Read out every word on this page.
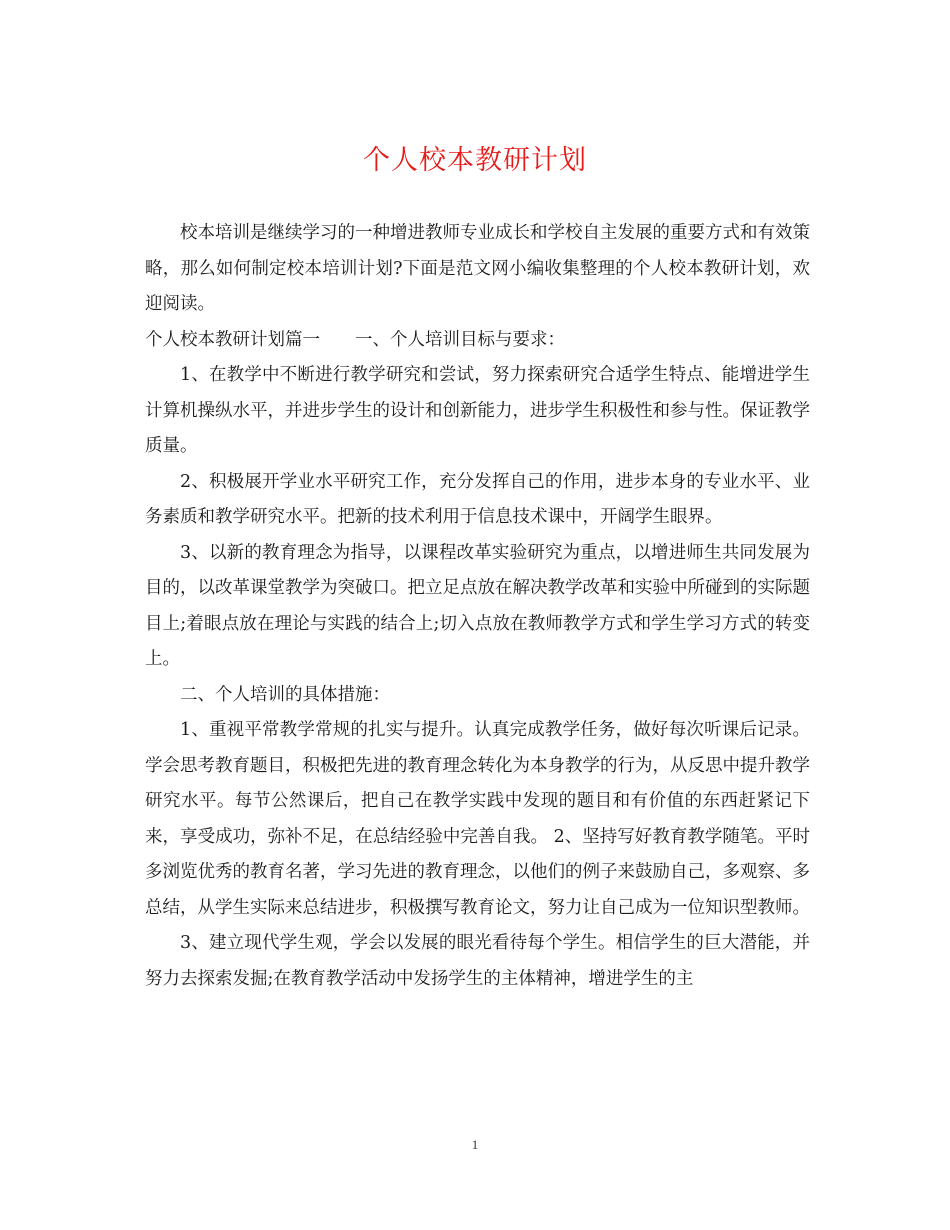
个人校本教研计划

校本培训是继续学习的一种增进教师专业成长和学校自主发展的重要方式和有效策略，那么如何制定校本培训计划?下面是范文网小编收集整理的个人校本教研计划，欢迎阅读。

个人校本教研计划篇一　　一、个人培训目标与要求：

1、在教学中不断进行教学研究和尝试，努力探索研究合适学生特点、能增进学生计算机操纵水平，并进步学生的设计和创新能力，进步学生积极性和参与性。保证教学质量。

2、积极展开学业水平研究工作，充分发挥自己的作用，进步本身的专业水平、业务素质和教学研究水平。把新的技术利用于信息技术课中，开阔学生眼界。

3、以新的教育理念为指导，以课程改革实验研究为重点，以增进师生共同发展为目的，以改革课堂教学为突破口。把立足点放在解决教学改革和实验中所碰到的实际题目上;着眼点放在理论与实践的结合上;切入点放在教师教学方式和学生学习方式的转变上。

二、个人培训的具体措施：

1、重视平常教学常规的扎实与提升。认真完成教学任务，做好每次听课后记录。学会思考教育题目，积极把先进的教育理念转化为本身教学的行为，从反思中提升教学研究水平。每节公然课后，把自己在教学实践中发现的题目和有价值的东西赶紧记下来，享受成功，弥补不足，在总结经验中完善自我。 2、坚持写好教育教学随笔。平时多浏览优秀的教育名著，学习先进的教育理念，以他们的例子来鼓励自己，多观察、多总结，从学生实际来总结进步，积极撰写教育论文，努力让自己成为一位知识型教师。

3、建立现代学生观，学会以发展的眼光看待每个学生。相信学生的巨大潜能，并努力去探索发掘;在教育教学活动中发扬学生的主体精神，增进学生的主

1
